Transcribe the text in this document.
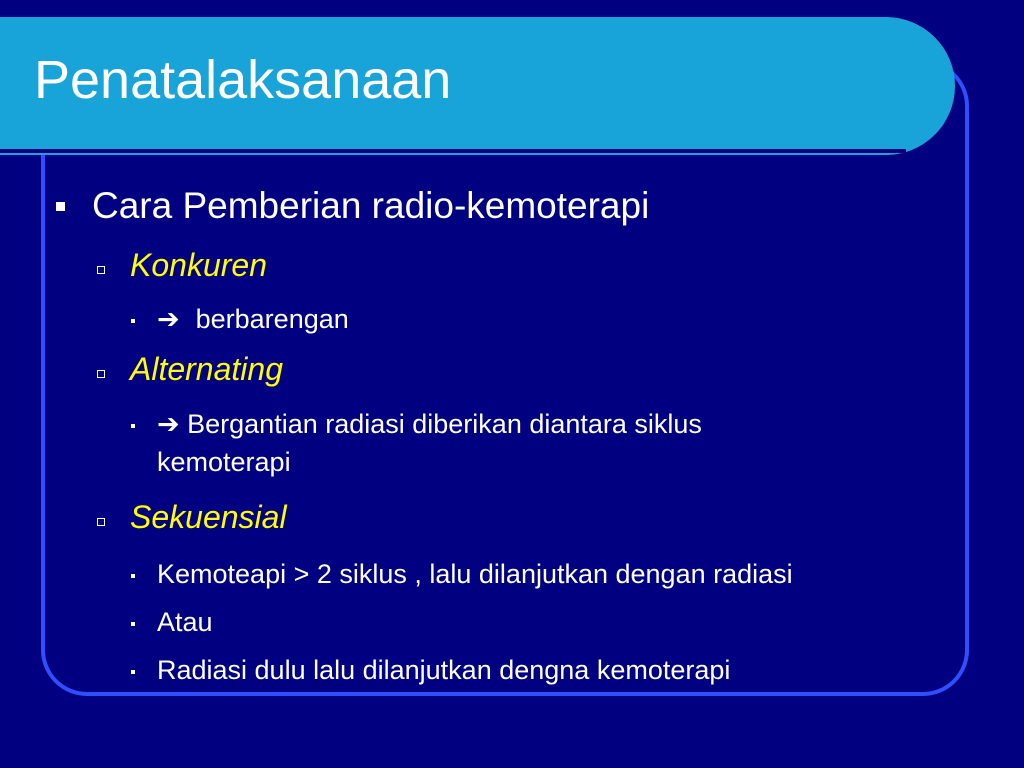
Penatalaksanaan
Cara Pemberian radio-kemoterapi
Konkuren
➔ berbarengan
Alternating
➔ Bergantian radiasi diberikan diantara siklus
kemoterapi
Sekuensial
Kemoteapi > 2 siklus , lalu dilanjutkan dengan radiasi
Atau
Radiasi dulu lalu dilanjutkan dengna kemoterapi
